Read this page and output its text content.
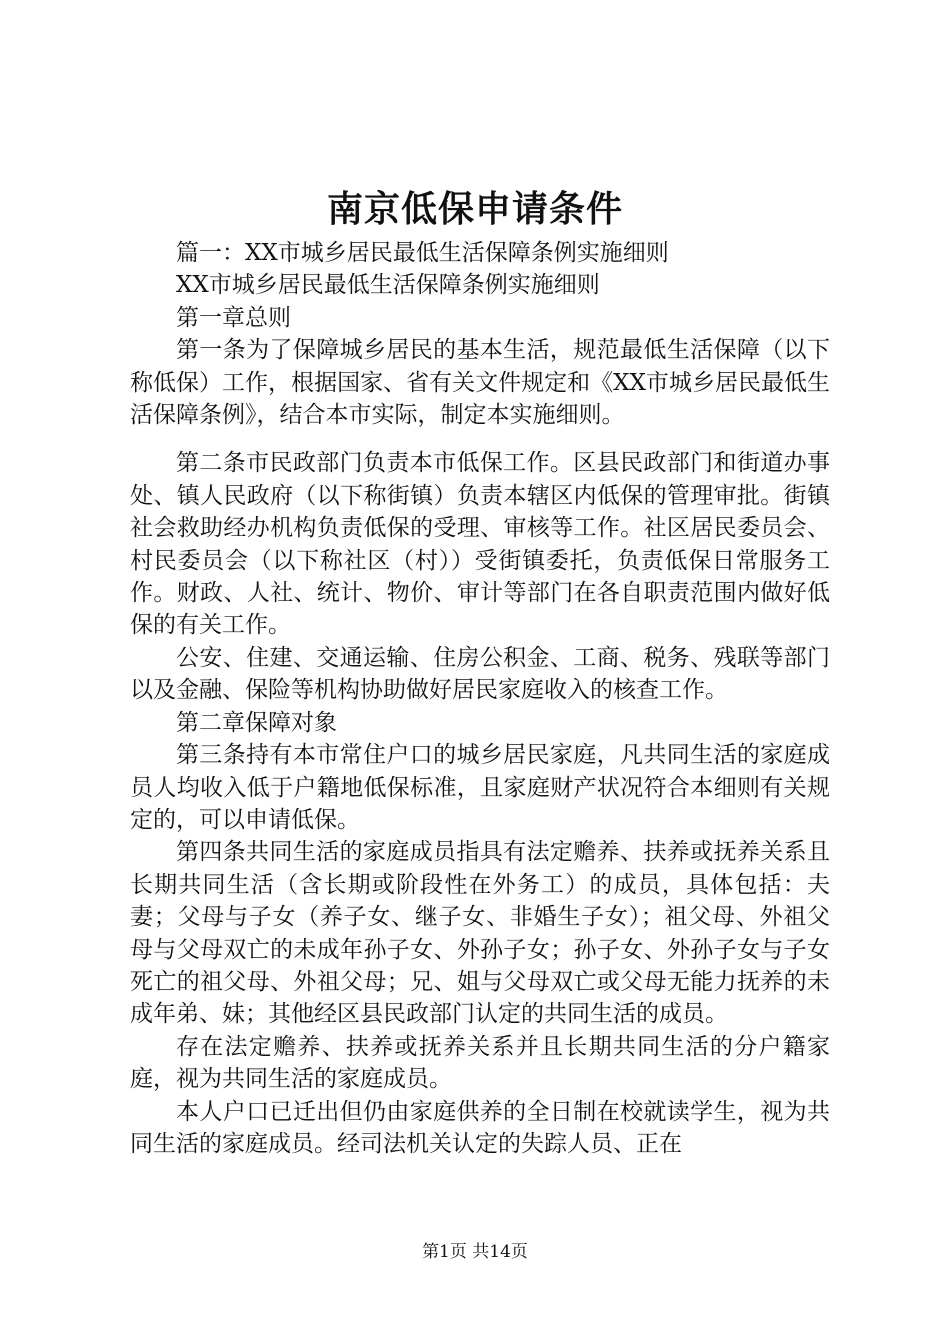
南京低保申请条件

篇一：XX市城乡居民最低生活保障条例实施细则

XX市城乡居民最低生活保障条例实施细则

第一章总则

第一条为了保障城乡居民的基本生活，规范最低生活保障（以下称低保）工作，根据国家、省有关文件规定和《XX市城乡居民最低生活保障条例》，结合本市实际，制定本实施细则。

第二条市民政部门负责本市低保工作。区县民政部门和街道办事处、镇人民政府（以下称街镇）负责本辖区内低保的管理审批。街镇社会救助经办机构负责低保的受理、审核等工作。社区居民委员会、村民委员会（以下称社区（村））受街镇委托，负责低保日常服务工作。财政、人社、统计、物价、审计等部门在各自职责范围内做好低保的有关工作。

公安、住建、交通运输、住房公积金、工商、税务、残联等部门以及金融、保险等机构协助做好居民家庭收入的核查工作。

第二章保障对象

第三条持有本市常住户口的城乡居民家庭，凡共同生活的家庭成员人均收入低于户籍地低保标准，且家庭财产状况符合本细则有关规定的，可以申请低保。

第四条共同生活的家庭成员指具有法定赡养、扶养或抚养关系且长期共同生活（含长期或阶段性在外务工）的成员，具体包括：夫妻；父母与子女（养子女、继子女、非婚生子女）；祖父母、外祖父母与父母双亡的未成年孙子女、外孙子女；孙子女、外孙子女与子女死亡的祖父母、外祖父母；兄、姐与父母双亡或父母无能力抚养的未成年弟、妹；其他经区县民政部门认定的共同生活的成员。

存在法定赡养、扶养或抚养关系并且长期共同生活的分户籍家庭，视为共同生活的家庭成员。

本人户口已迁出但仍由家庭供养的全日制在校就读学生，视为共同生活的家庭成员。经司法机关认定的失踪人员、正在

第1页 共14页
